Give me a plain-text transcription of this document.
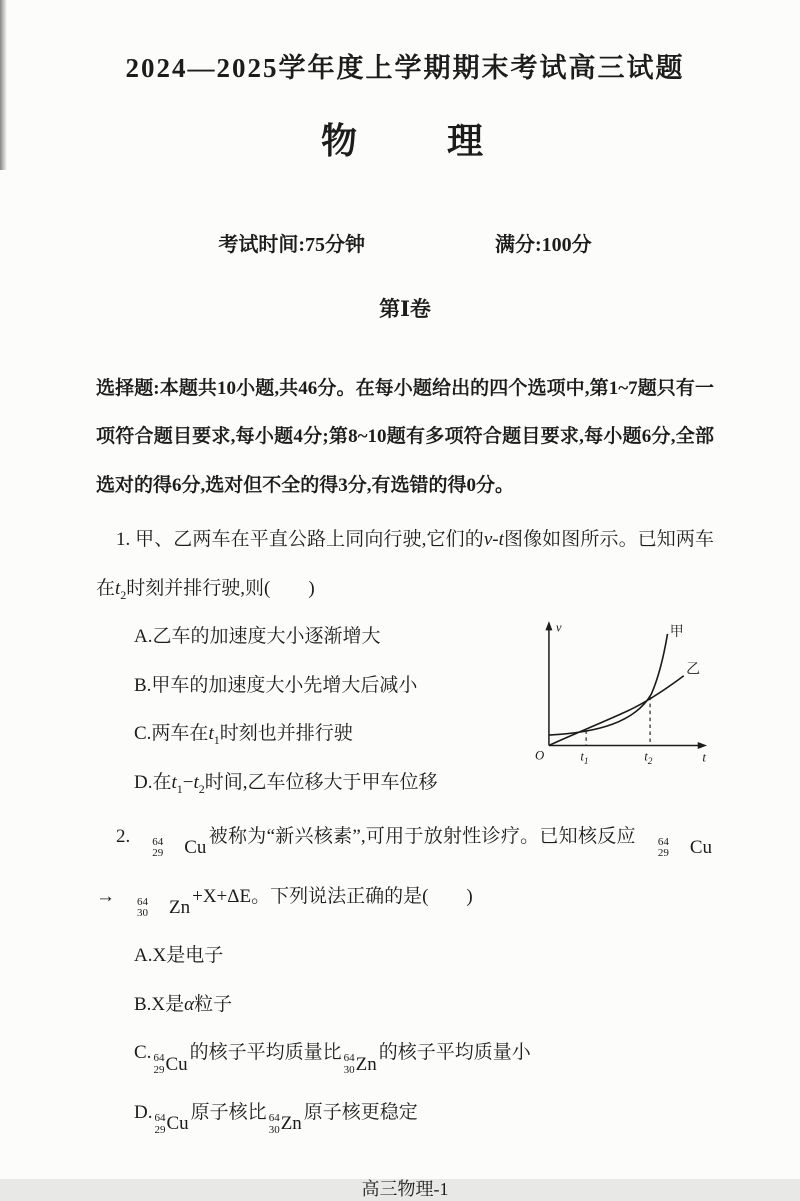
2024—2025学年度上学期期末考试高三试题
物　　理
考试时间:75分钟	满分:100分
第Ⅰ卷

选择题:本题共10小题,共46分。在每小题给出的四个选项中,第1~7题只有一项符合题目要求,每小题4分;第8~10题有多项符合题目要求,每小题6分,全部选对的得6分,选对但不全的得3分,有选错的得0分。

1. 甲、乙两车在平直公路上同向行驶,它们的v-t图像如图所示。已知两车在$t_2$时刻并排行驶,则(　　)

v
t
O	$t_1$	$t_2$
甲
乙

A.乙车的加速度大小逐渐增大

B.甲车的加速度大小先增大后减小

C.两车在$t_1$时刻也并排行驶

D.在$t_1-t_2$时间,乙车位移大于甲车位移

2.	64
29	Cu
被称为“新兴核素”,可用于放射性诊疗。已知核反应	64
29	Cu
→	64
30	Zn
+X+ΔE。下列说法正确的是(　　)

A.X是电子

B.X是α粒子

C. 64
29 Cu
的核子平均质量比 64
30 Zn
的核子平均质量小

D. 64
29 Cu
原子核比 64
30 Zn
原子核更稳定

高三物理-1
